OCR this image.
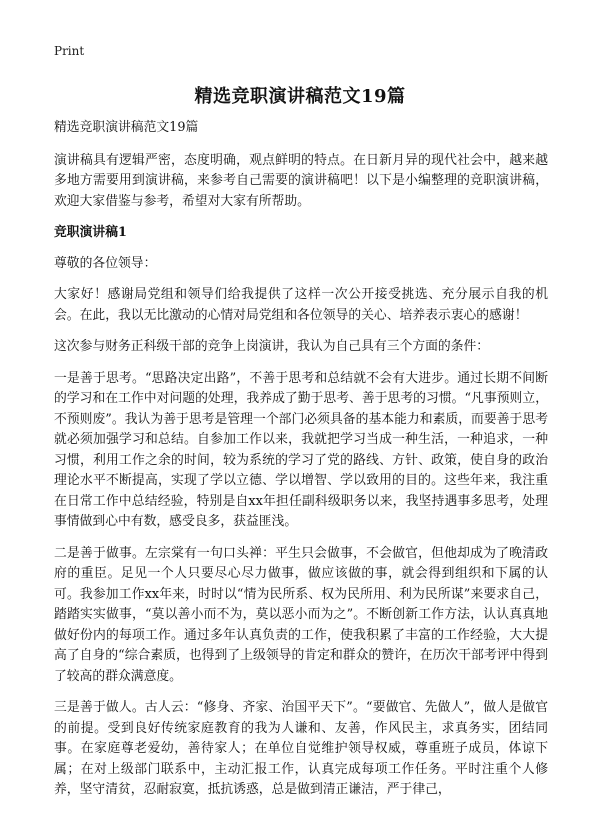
Print
精选竞职演讲稿范文19篇

精选竞职演讲稿范文19篇

演讲稿具有逻辑严密，态度明确，观点鲜明的特点。在日新月异的现代社会中，越来越多地方需要用到演讲稿，来参考自己需要的演讲稿吧！以下是小编整理的竞职演讲稿，欢迎大家借鉴与参考，希望对大家有所帮助。

竞职演讲稿1

尊敬的各位领导：

大家好！感谢局党组和领导们给我提供了这样一次公开接受挑选、充分展示自我的机会。在此，我以无比激动的心情对局党组和各位领导的关心、培养表示衷心的感谢！

这次参与财务正科级干部的竞争上岗演讲，我认为自己具有三个方面的条件：

一是善于思考。“思路决定出路”，不善于思考和总结就不会有大进步。通过长期不间断的学习和在工作中对问题的处理，我养成了勤于思考、善于思考的习惯。“凡事预则立，不预则废”。我认为善于思考是管理一个部门必须具备的基本能力和素质，而要善于思考就必须加强学习和总结。自参加工作以来，我就把学习当成一种生活，一种追求，一种习惯，利用工作之余的时间，较为系统的学习了党的路线、方针、政策，使自身的政治理论水平不断提高，实现了学以立德、学以增智、学以致用的目的。这些年来，我注重在日常工作中总结经验，特别是自xx年担任副科级职务以来，我坚持遇事多思考，处理事情做到心中有数，感受良多，获益匪浅。

二是善于做事。左宗棠有一句口头禅：平生只会做事，不会做官，但他却成为了晚清政府的重臣。足见一个人只要尽心尽力做事，做应该做的事，就会得到组织和下属的认可。我参加工作xx年来，时时以“情为民所系、权为民所用、利为民所谋”来要求自己，踏踏实实做事，“莫以善小而不为，莫以恶小而为之”。不断创新工作方法，认认真真地做好份内的每项工作。通过多年认真负责的工作，使我积累了丰富的工作经验，大大提高了自身的“综合素质，也得到了上级领导的肯定和群众的赞许，在历次干部考评中得到了较高的群众满意度。

三是善于做人。古人云：“修身、齐家、治国平天下”。“要做官、先做人”，做人是做官的前提。受到良好传统家庭教育的我为人谦和、友善，作风民主，求真务实，团结同事。在家庭尊老爱幼，善待家人；在单位自觉维护领导权威，尊重班子成员，体谅下属；在对上级部门联系中，主动汇报工作，认真完成每项工作任务。平时注重个人修养，坚守清贫，忍耐寂寞，抵抗诱惑，总是做到清正谦洁，严于律己，
